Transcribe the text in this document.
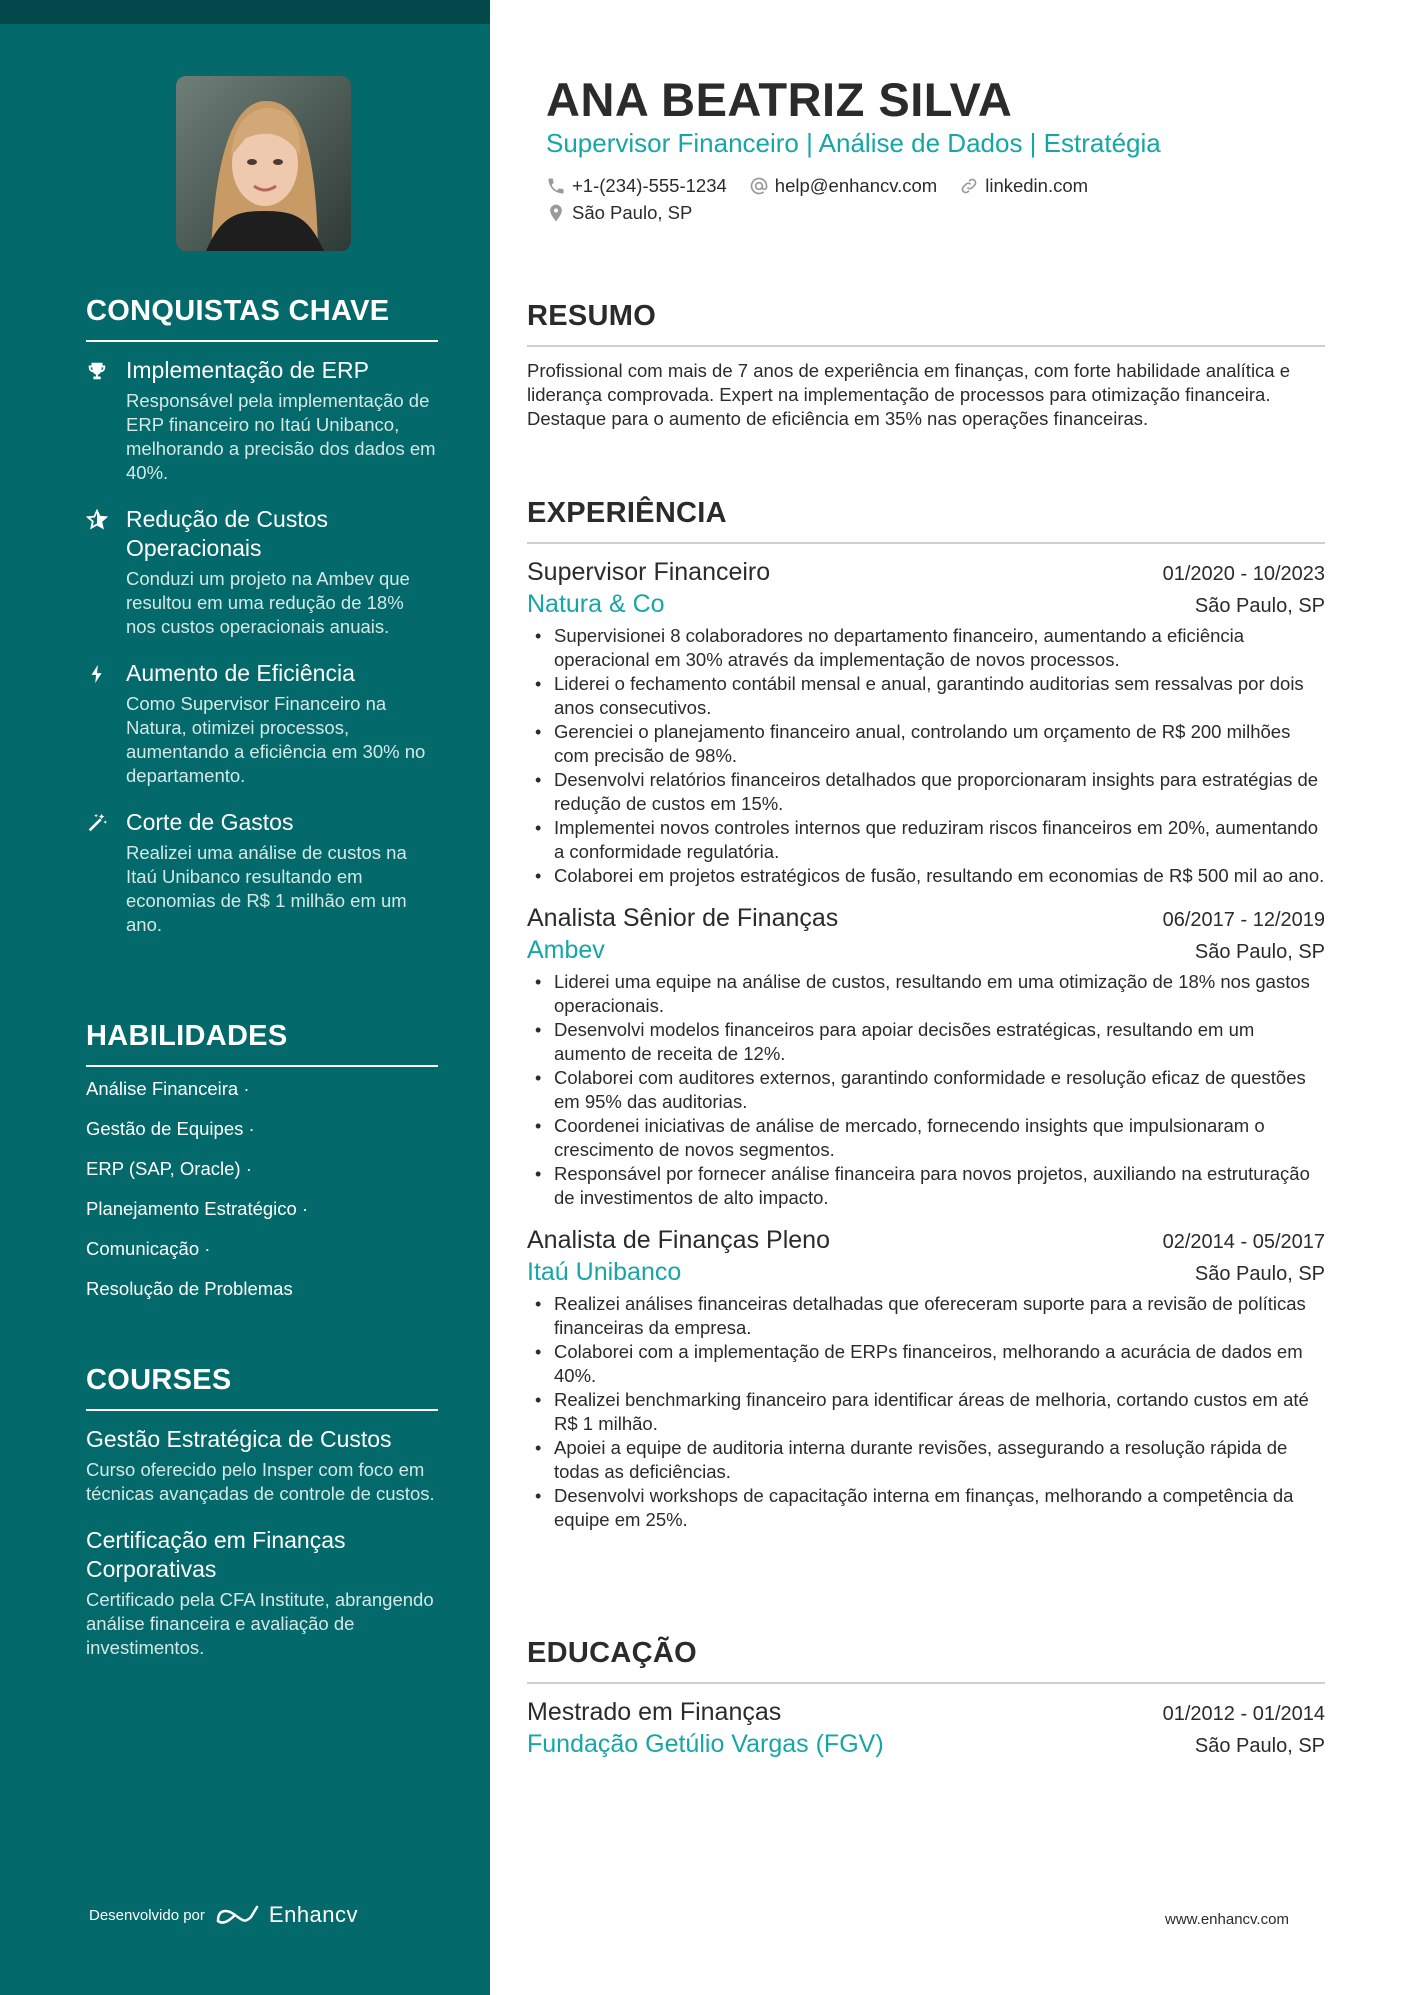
CONQUISTAS CHAVE
Implementação de ERP
Responsável pela implementação de ERP financeiro no Itaú Unibanco, melhorando a precisão dos dados em 40%.
Redução de Custos Operacionais
Conduzi um projeto na Ambev que resultou em uma redução de 18% nos custos operacionais anuais.
Aumento de Eficiência
Como Supervisor Financeiro na Natura, otimizei processos, aumentando a eficiência em 30% no departamento.
Corte de Gastos
Realizei uma análise de custos na Itaú Unibanco resultando em economias de R$ 1 milhão em um ano.
HABILIDADES
Análise Financeira ·
Gestão de Equipes ·
ERP (SAP, Oracle) ·
Planejamento Estratégico ·
Comunicação ·
Resolução de Problemas
COURSES
Gestão Estratégica de Custos
Curso oferecido pelo Insper com foco em técnicas avançadas de controle de custos.
Certificação em Finanças Corporativas
Certificado pela CFA Institute, abrangendo análise financeira e avaliação de investimentos.
Desenvolvido por	Enhancv
ANA BEATRIZ SILVA
Supervisor Financeiro | Análise de Dados | Estratégia
+1-(234)-555-1234	help@enhancv.com	linkedin.com
São Paulo, SP
RESUMO

Profissional com mais de 7 anos de experiência em finanças, com forte habilidade analítica e liderança comprovada. Expert na implementação de processos para otimização financeira. Destaque para o aumento de eficiência em 35% nas operações financeiras.

EXPERIÊNCIA
Supervisor Financeiro	01/2020 - 10/2023
Natura & Co	São Paulo, SP
• Supervisionei 8 colaboradores no departamento financeiro, aumentando a eficiência operacional em 30% através da implementação de novos processos.
• Liderei o fechamento contábil mensal e anual, garantindo auditorias sem ressalvas por dois anos consecutivos.
• Gerenciei o planejamento financeiro anual, controlando um orçamento de R$ 200 milhões com precisão de 98%.
• Desenvolvi relatórios financeiros detalhados que proporcionaram insights para estratégias de redução de custos em 15%.
• Implementei novos controles internos que reduziram riscos financeiros em 20%, aumentando a conformidade regulatória.
• Colaborei em projetos estratégicos de fusão, resultando em economias de R$ 500 mil ao ano.
Analista Sênior de Finanças	06/2017 - 12/2019
Ambev	São Paulo, SP
• Liderei uma equipe na análise de custos, resultando em uma otimização de 18% nos gastos operacionais.
• Desenvolvi modelos financeiros para apoiar decisões estratégicas, resultando em um aumento de receita de 12%.
• Colaborei com auditores externos, garantindo conformidade e resolução eficaz de questões em 95% das auditorias.
• Coordenei iniciativas de análise de mercado, fornecendo insights que impulsionaram o crescimento de novos segmentos.
• Responsável por fornecer análise financeira para novos projetos, auxiliando na estruturação de investimentos de alto impacto.
Analista de Finanças Pleno	02/2014 - 05/2017
Itaú Unibanco	São Paulo, SP
• Realizei análises financeiras detalhadas que ofereceram suporte para a revisão de políticas financeiras da empresa.
• Colaborei com a implementação de ERPs financeiros, melhorando a acurácia de dados em 40%.
• Realizei benchmarking financeiro para identificar áreas de melhoria, cortando custos em até R$ 1 milhão.
• Apoiei a equipe de auditoria interna durante revisões, assegurando a resolução rápida de todas as deficiências.
• Desenvolvi workshops de capacitação interna em finanças, melhorando a competência da equipe em 25%.
EDUCAÇÃO
Mestrado em Finanças	01/2012 - 01/2014
Fundação Getúlio Vargas (FGV)	São Paulo, SP
www.enhancv.com
